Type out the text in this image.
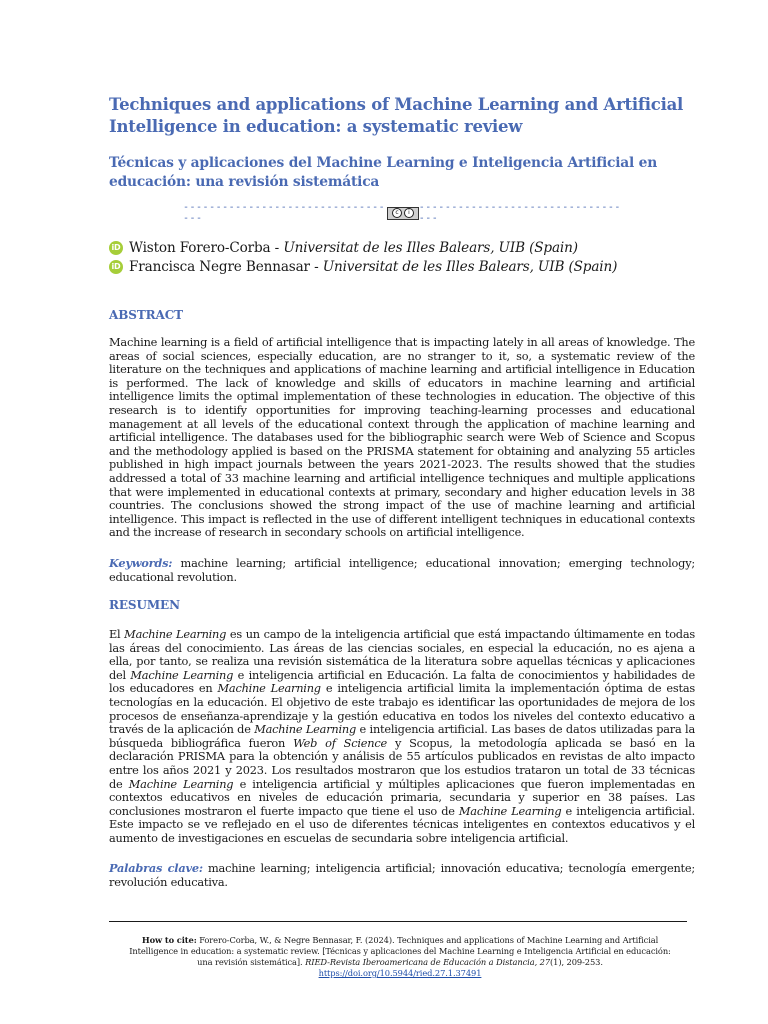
Techniques and applications of Machine Learning and Artificial Intelligence in education: a systematic review
Técnicas y aplicaciones del Machine Learning e Inteligencia Artificial en educación: una revisión sistemática
----------------------------------
c	i ----------------------------------
iD Wiston Forero-Corba - Universitat de les Illes Balears, UIB (Spain)
iD Francisca Negre Bennasar - Universitat de les Illes Balears, UIB (Spain)
ABSTRACT
Machine learning is a field of artificial intelligence that is impacting lately in all areas of knowledge. The areas of social sciences, especially education, are no stranger to it, so, a systematic review of the literature on the techniques and applications of machine learning and artificial intelligence in Education is performed. The lack of knowledge and skills of educators in machine learning and artificial intelligence limits the optimal implementation of these technologies in education. The objective of this research is to identify opportunities for improving teaching-learning processes and educational management at all levels of the educational context through the application of machine learning and artificial intelligence. The databases used for the bibliographic search were Web of Science and Scopus and the methodology applied is based on the PRISMA statement for obtaining and analyzing 55 articles published in high impact journals between the years 2021-2023. The results showed that the studies addressed a total of 33 machine learning and artificial intelligence techniques and multiple applications that were implemented in educational contexts at primary, secondary and higher education levels in 38 countries. The conclusions showed the strong impact of the use of machine learning and artificial intelligence. This impact is reflected in the use of different intelligent techniques in educational contexts and the increase of research in secondary schools on artificial intelligence.
Keywords: machine learning; artificial intelligence; educational innovation; emerging technology; educational revolution.
RESUMEN
El Machine Learning es un campo de la inteligencia artificial que está impactando últimamente en todas las áreas del conocimiento. Las áreas de las ciencias sociales, en especial la educación, no es ajena a ella, por tanto, se realiza una revisión sistemática de la literatura sobre aquellas técnicas y aplicaciones del Machine Learning e inteligencia artificial en Educación. La falta de conocimientos y habilidades de los educadores en Machine Learning e inteligencia artificial limita la implementación óptima de estas tecnologías en la educación. El objetivo de este trabajo es identificar las oportunidades de mejora de los procesos de enseñanza-aprendizaje y la gestión educativa en todos los niveles del contexto educativo a través de la aplicación de Machine Learning e inteligencia artificial. Las bases de datos utilizadas para la búsqueda bibliográfica fueron Web of Science y Scopus, la metodología aplicada se basó en la declaración PRISMA para la obtención y análisis de 55 artículos publicados en revistas de alto impacto entre los años 2021 y 2023. Los resultados mostraron que los estudios trataron un total de 33 técnicas de Machine Learning e inteligencia artificial y múltiples aplicaciones que fueron implementadas en contextos educativos en niveles de educación primaria, secundaria y superior en 38 países. Las conclusiones mostraron el fuerte impacto que tiene el uso de Machine Learning e inteligencia artificial. Este impacto se ve reflejado en el uso de diferentes técnicas inteligentes en contextos educativos y el aumento de investigaciones en escuelas de secundaria sobre inteligencia artificial.
Palabras clave: machine learning; inteligencia artificial; innovación educativa; tecnología emergente; revolución educativa.
How to cite: Forero-Corba, W., & Negre Bennasar, F. (2024). Techniques and applications of Machine Learning and Artificial Intelligence in education: a systematic review. [Técnicas y aplicaciones del Machine Learning e Inteligencia Artificial en educación: una revisión sistemática]. RIED-Revista Iberoamericana de Educación a Distancia, 27(1), 209-253.
https://doi.org/10.5944/ried.27.1.37491
